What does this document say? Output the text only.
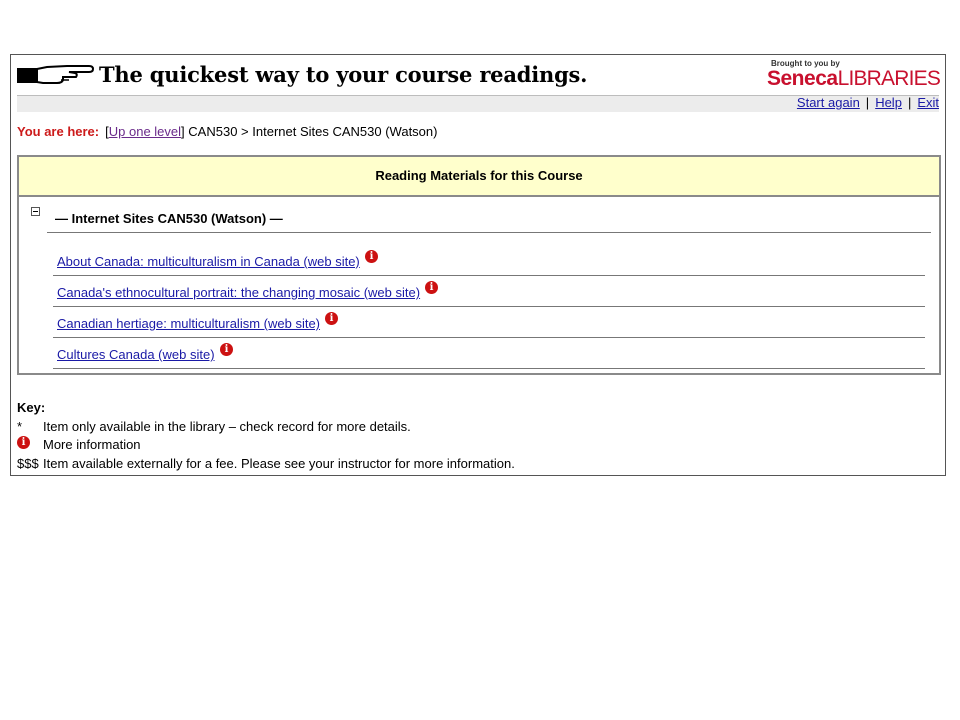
The quickest way to your course readings.	Brought to you by
SenecaLIBRARIES
Start again | Help | Exit
You are here: [Up one level] CAN530 > Internet Sites CAN530 (Watson)
Reading Materials for this Course
— Internet Sites CAN530 (Watson) —
About Canada: multiculturalism in Canada (web site) i
Canada's ethnocultural portrait: the changing mosaic (web site) i
Canadian hertiage: multiculturalism (web site) i
Cultures Canada (web site)	i
Key:
* Item only available in the library – check record for more details.
i More information
$$$ Item available externally for a fee. Please see your instructor for more information.
